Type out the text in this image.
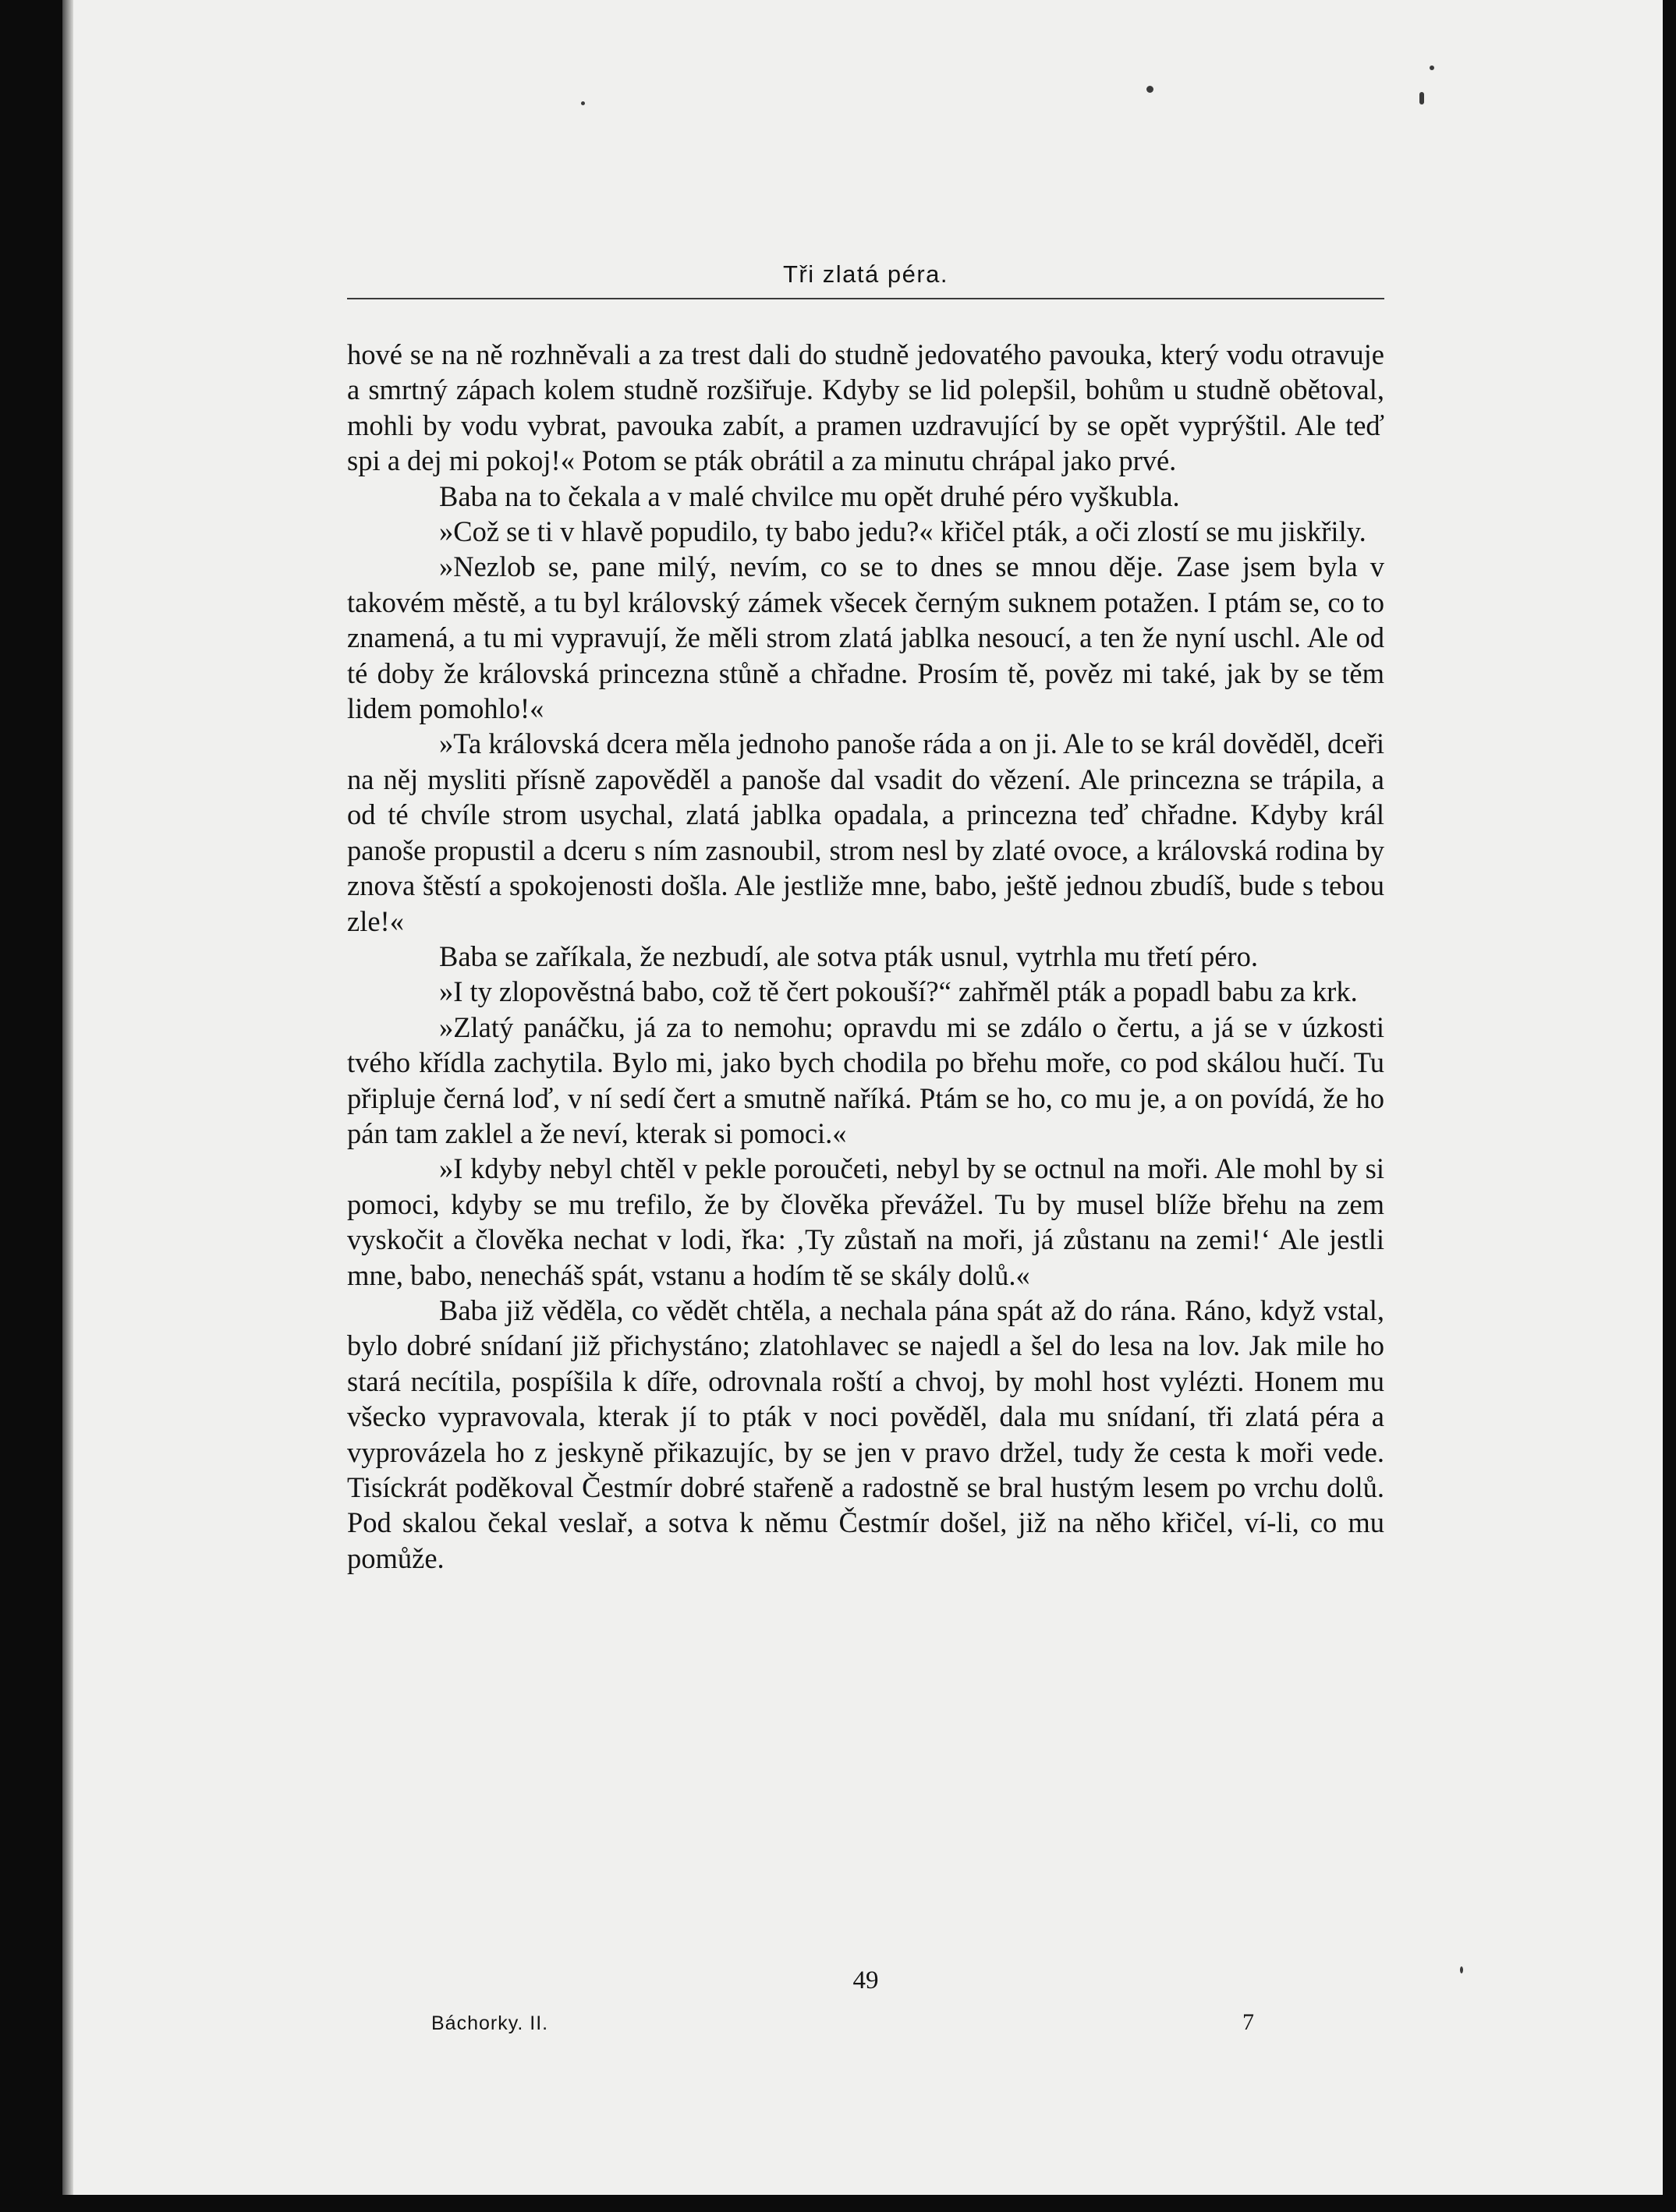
Tři zlatá péra.

hové se na ně rozhněvali a za trest dali do studně jedovatého pavouka, který vodu otravuje a smrtný zápach kolem studně rozšiřuje. Kdyby se lid polepšil, bohům u studně obětoval, mohli by vodu vybrat, pavouka zabít, a pramen uzdravující by se opět vyprýštil. Ale teď spi a dej mi pokoj!« Potom se pták obrátil a za minutu chrápal jako prvé.

Baba na to čekala a v malé chvilce mu opět druhé péro vyškubla.

»Což se ti v hlavě popudilo, ty babo jedu?« křičel pták, a oči zlostí se mu jiskřily.

»Nezlob se, pane milý, nevím, co se to dnes se mnou děje. Zase jsem byla v takovém městě, a tu byl královský zámek všecek černým suknem potažen. I ptám se, co to znamená, a tu mi vypravují, že měli strom zlatá jablka nesoucí, a ten že nyní uschl. Ale od té doby že královská princezna stůně a chřadne. Prosím tě, pověz mi také, jak by se těm lidem pomohlo!«

»Ta královská dcera měla jednoho panoše ráda a on ji. Ale to se král dověděl, dceři na něj mysliti přísně zapověděl a panoše dal vsadit do vězení. Ale princezna se trápila, a od té chvíle strom usychal, zlatá jablka opadala, a princezna teď chřadne. Kdyby král panoše propustil a dceru s ním zasnoubil, strom nesl by zlaté ovoce, a královská rodina by znova štěstí a spokojenosti došla. Ale jestliže mne, babo, ještě jednou zbudíš, bude s tebou zle!«

Baba se zaříkala, že nezbudí, ale sotva pták usnul, vytrhla mu třetí péro.

»I ty zlopověstná babo, což tě čert pokouší?“ zahřměl pták a popadl babu za krk.

»Zlatý panáčku, já za to nemohu; opravdu mi se zdálo o čertu, a já se v úzkosti tvého křídla zachytila. Bylo mi, jako bych chodila po břehu moře, co pod skálou hučí. Tu připluje černá loď, v ní sedí čert a smutně naříká. Ptám se ho, co mu je, a on povídá, že ho pán tam zaklel a že neví, kterak si pomoci.«

»I kdyby nebyl chtěl v pekle poroučeti, nebyl by se octnul na moři. Ale mohl by si pomoci, kdyby se mu trefilo, že by člověka převážel. Tu by musel blíže břehu na zem vyskočit a člověka nechat v lodi, řka: ‚Ty zůstaň na moři, já zůstanu na zemi!‘ Ale jestli mne, babo, nenecháš spát, vstanu a hodím tě se skály dolů.«

Baba již věděla, co vědět chtěla, a nechala pána spát až do rána. Ráno, když vstal, bylo dobré snídaní již přichystáno; zlatohlavec se najedl a šel do lesa na lov. Jak mile ho stará necítila, pospíšila k díře, odrovnala roští a chvoj, by mohl host vylézti. Honem mu všecko vypravovala, kterak jí to pták v noci pověděl, dala mu snídaní, tři zlatá péra a vyprovázela ho z jeskyně přikazujíc, by se jen v pravo držel, tudy že cesta k moři vede. Tisíckrát poděkoval Čestmír dobré stařeně a radostně se bral hustým lesem po vrchu dolů. Pod skalou čekal veslař, a sotva k němu Čestmír došel, již na něho křičel, ví-li, co mu pomůže.

49
Báchorky. II.	7
